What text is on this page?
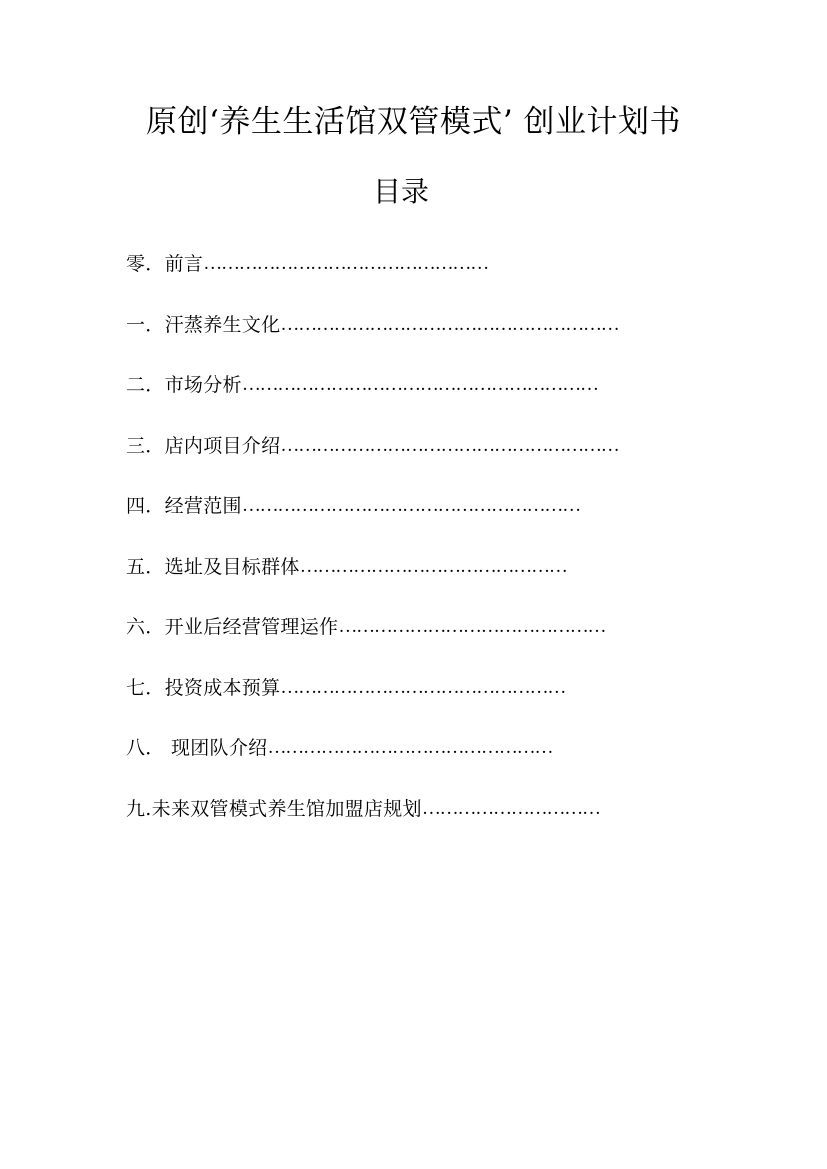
原创‘养生生活馆双管模式’ 创业计划书
目录
零．前言…………………………………………
一．汗蒸养生文化…………………………………………………
二．市场分析……………………………………………………
三．店内项目介绍…………………………………………………
四．经营范围…………………………………………………
五．选址及目标群体………………………………………
六．开业后经营管理运作………………………………………
七．投资成本预算…………………………………………
八． 现团队介绍…………………………………………
九.未来双管模式养生馆加盟店规划…………………………
